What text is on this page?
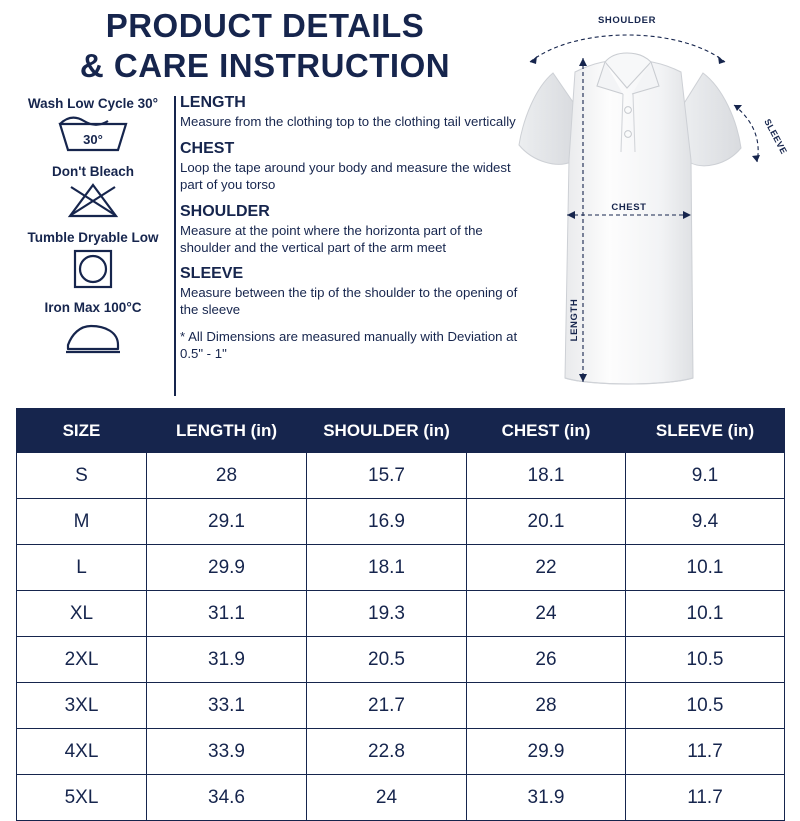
PRODUCT DETAILS
& CARE INSTRUCTION
Wash Low Cycle 30°
30°
Don't Bleach
Tumble Dryable Low
Iron Max 100°C
LENGTH
Measure from the clothing top to the clothing tail vertically
CHEST
Loop the tape around your body and measure the widest part of you torso
SHOULDER
Measure at the point where the horizonta part of the shoulder and the vertical part of the arm meet
SLEEVE
Measure between the tip of the shoulder to the opening of the sleeve
* All Dimensions are measured manually with Deviation at 0.5" - 1"
SHOULDER
SLEEVE
CHEST
LENGTH
SIZE	LENGTH (in)	SHOULDER (in)	CHEST (in)	SLEEVE (in)
S	28	15.7	18.1	9.1
M	29.1	16.9	20.1	9.4
L	29.9	18.1	22	10.1
XL	31.1	19.3	24	10.1
2XL	31.9	20.5	26	10.5
3XL	33.1	21.7	28	10.5
4XL	33.9	22.8	29.9	11.7
5XL	34.6	24	31.9	11.7
